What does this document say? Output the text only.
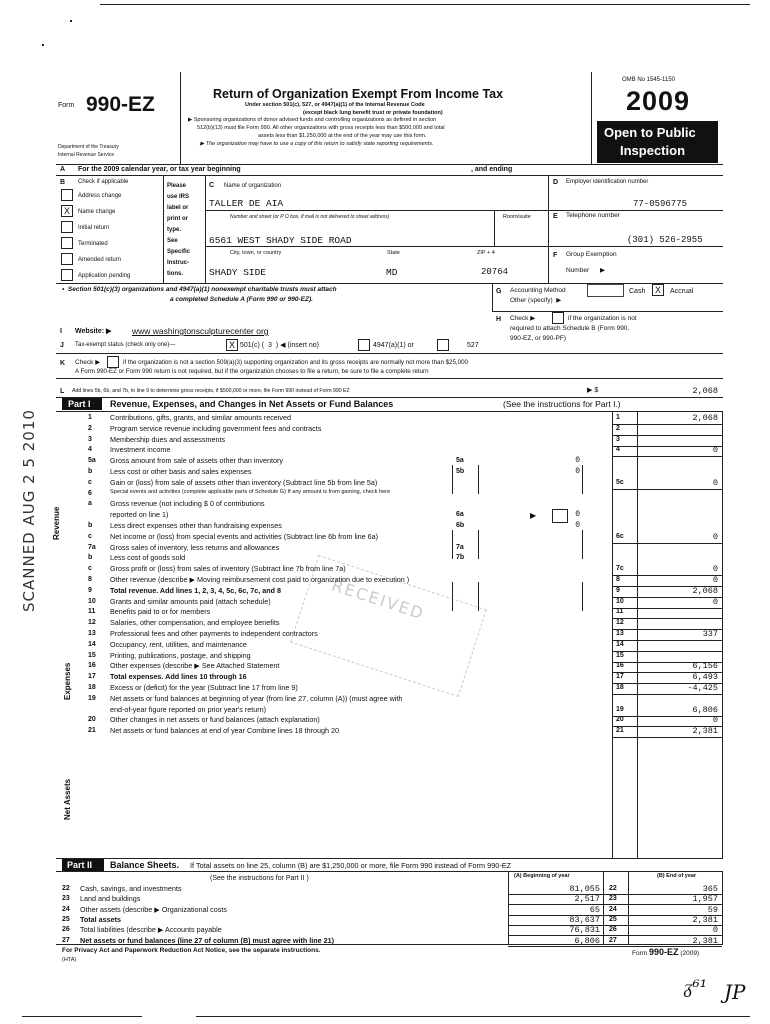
Form 990-EZ
Department of the Treasury
Internal Revenue Service
Return of Organization Exempt From Income Tax
Under section 501(c), 527, or 4947(a)(1) of the Internal Revenue Code
(except black lung benefit trust or private foundation)
▶ Sponsoring organizations of donor advised funds and controlling organizations as defined in section
512(b)(13) must file Form 990. All other organizations with gross receipts less than $500,000 and total
assets less than $1,250,000 at the end of the year may use this form.
▶ The organization may have to use a copy of this return to satisfy state reporting requirements.
OMB No 1545-1150
2009
Open to Public
Inspection
A For the 2009 calendar year, or tax year beginning	, and ending
B Check if applicable
Address change
X	Name change
Initial return
Terminated
Amended return
Application pending
Please
use IRS
label or
print or
type.
See
Specific
Instruc-
tions.
C Name of organization
TALLER DE AIA
Number and street (or P O box, if mail is not delivered to street address)	Room/suite
6561 WEST SHADY SIDE ROAD
City, town, or country	State	ZIP + 4
SHADY SIDE	MD	20764
D Employer identification number
77-0596775
E Telephone number
(301) 526-2955
F Group Exemption
Number      ▶
•  Section 501(c)(3) organizations and 4947(a)(1) nonexempt charitable trusts must attach
a completed Schedule A (Form 990 or 990-EZ).
G Accounting Method	Cash	X	Accrual
Other (specify)  ▶
H Check ▶	if the organization is not
required to attach Schedule B (Form 990,
990-EZ, or 990-PF)
I Website: ▶ www washingtonsculpturecenter org
J Tax-exempt status (check only one)—	X 501(c) ( 3 ) ◀ (insert no)	4947(a)(1) or	527
K Check ▶	if the organization is not a section 509(a)(3) supporting organization and its gross receipts are normally not more than $25,000
A Form 990-EZ or Form 990 return is not required, but if the organization chooses to file a return, be sure to file a complete return
L Add lines 5b, 6b, and 7b, to line 9 to determine gross receipts, if $500,000 or more, file Form 990 instead of Form 990 EZ	▶ $	2,068
Part I Revenue, Expenses, and Changes in Net Assets or Fund Balances	(See the instructions for Part I.)
Revenue
Expenses
Net Assets
1	Contributions, gifts, grants, and similar amounts received	1	2,068
2	Program service revenue including government fees and contracts	2
3	Membership dues and assessments	3
4	Investment income	4	0
5a Gross amount from sale of assets other than inventory	5a	0
b Less cost or other basis and sales expenses	5b	0
c	Gain or (loss) from sale of assets other than inventory (Subtract line 5b from line 5a)	5c	0
6	Special events and activities (complete applicable parts of Schedule G) If any amount is from gaming, check here
a	Gross revenue (not including $ 0 of contributions
reported on line 1)	6a	0
b Less direct expenses other than fundraising expenses	6b	0
c	Net income or (loss) from special events and activities (Subtract line 6b from line 6a)	6c	0
7a Gross sales of inventory, less returns and allowances	7a
b Less cost of goods sold	7b
c	Gross profit or (loss) from sales of inventory (Subtract line 7b from line 7a)	7c	0
8	Other revenue (describe ▶ Moving reimbursement cost paid to organization due to execution )	8	0
9	Total revenue. Add lines 1, 2, 3, 4, 5c, 6c, 7c, and 8	9	2,068
10 Grants and similar amounts paid (attach schedule)	10	0
11 Benefits paid to or for members	11
12 Salaries, other compensation, and employee benefits	12
13 Professional fees and other payments to independent contractors	13	337
14 Occupancy, rent, utilities, and maintenance	14
15 Printing, publications, postage, and shipping	15
16 Other expenses (describe ▶ See Attached Statement	16	6,156
17 Total expenses. Add lines 10 through 16	17	6,493
18 Excess or (deficit) for the year (Subtract line 17 from line 9)	18	-4,425
19 Net assets or fund balances at beginning of year (from line 27, column (A)) (must agree with
end-of-year figure reported on prior year's return)	19	6,806
20 Other changes in net assets or fund balances (attach explanation)	20	0
21 Net assets or fund balances at end of year Combine lines 18 through 20	21	2,381
▶
Part II Balance Sheets. If Total assets on line 25, column (B) are $1,250,000 or more, file Form 990 instead of Form 990-EZ
(See the instructions for Part II )	(A) Beginning of year	(B) End of year
22 Cash, savings, and investments	81,055 22	365
23 Land and buildings	2,517 23	1,957
24 Other assets (describe ▶ Organizational costs	65 24	59
25 Total assets	83,637 25	2,381
26 Total liabilities (describe ▶ Accounts payable	76,831 26	0
27 Net assets or fund balances (line 27 of column (B) must agree with line 21)	6,806 27	2,381
For Privacy Act and Paperwork Reduction Act Notice, see the separate instructions.
(HTA)
Form 990-EZ (2009)
SCANNED AUG 2 5 2010	RECEIVED
JP
ᵹ⁶¹
